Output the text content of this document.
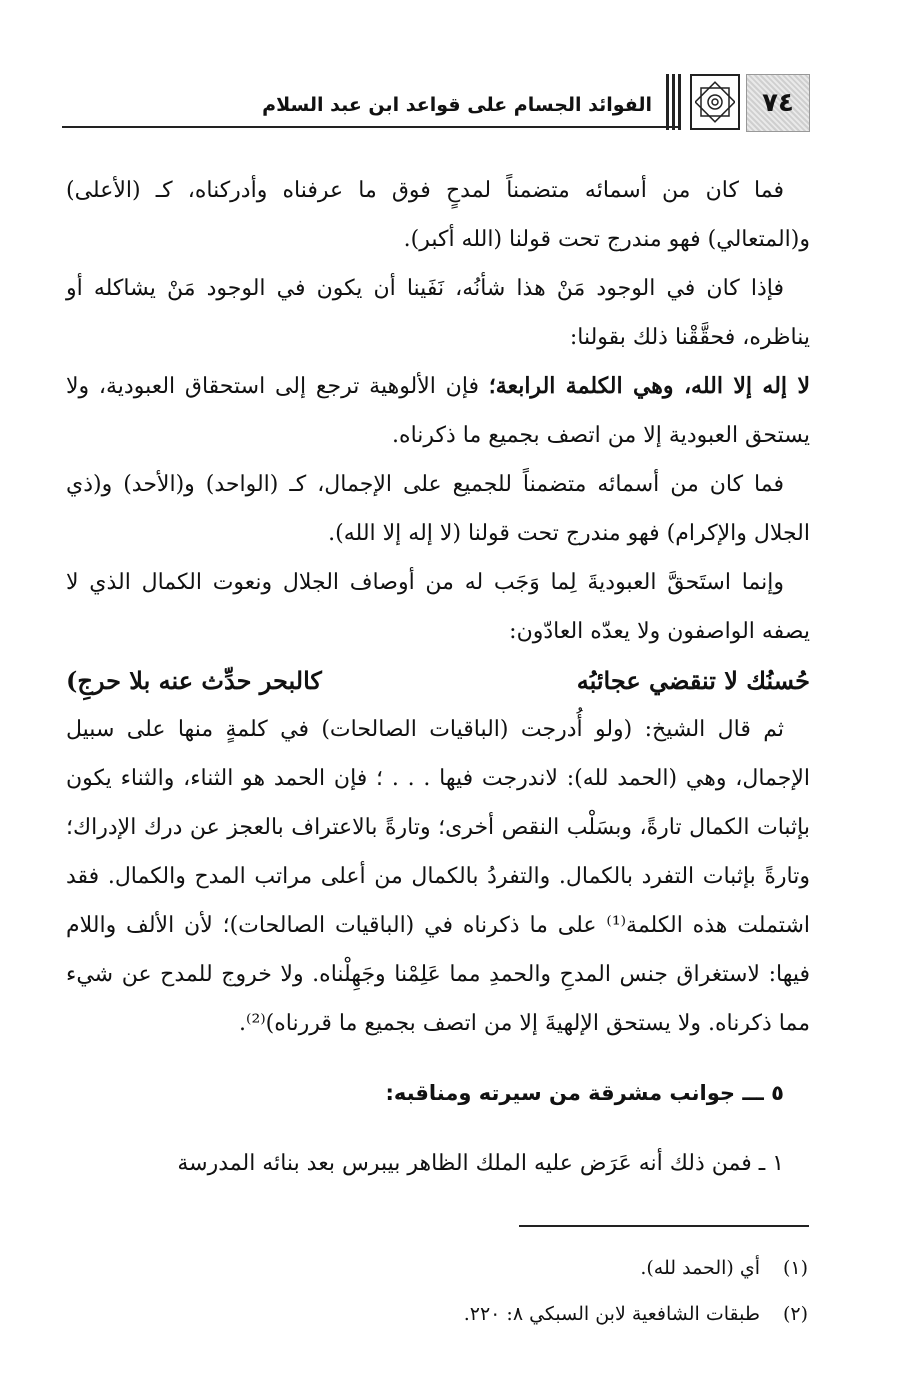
٧٤
الفوائد الجسام على قواعد ابن عبد السلام

فما كان من أسمائه متضمناً لمدحٍ فوق ما عرفناه وأدركناه، كـ (الأعلى) و(المتعالي) فهو مندرج تحت قولنا (الله أكبر).

فإذا كان في الوجود مَنْ هذا شأنُه، نَفَينا أن يكون في الوجود مَنْ يشاكله أو يناظره، فحقَّقْنا ذلك بقولنا:

لا إله إلا الله، وهي الكلمة الرابعة؛ فإن الألوهية ترجع إلى استحقاق العبودية، ولا يستحق العبودية إلا من اتصف بجميع ما ذكرناه.

فما كان من أسمائه متضمناً للجميع على الإجمال، كـ (الواحد) و(الأحد) و(ذي الجلال والإكرام) فهو مندرج تحت قولنا (لا إله إلا الله).

وإنما استَحقَّ العبوديةَ لِما وَجَب له من أوصاف الجلال ونعوت الكمال الذي لا يصفه الواصفون ولا يعدّه العادّون:

حُسنُك لا تنقضي عجائبُه
كالبحر حدِّث عنه بلا حرجِ)

ثم قال الشيخ: (ولو أُدرجت (الباقيات الصالحات) في كلمةٍ منها على سبيل الإجمال، وهي (الحمد لله): لاندرجت فيها . . . ؛ فإن الحمد هو الثناء، والثناء يكون بإثبات الكمال تارةً، وبسَلْب النقص أخرى؛ وتارةً بالاعتراف بالعجز عن درك الإدراك؛ وتارةً بإثبات التفرد بالكمال. والتفردُ بالكمال من أعلى مراتب المدح والكمال. فقد اشتملت هذه الكلمة⁽¹⁾ على ما ذكرناه في (الباقيات الصالحات)؛ لأن الألف واللام فيها: لاستغراق جنس المدحِ والحمدِ مما عَلِمْنا وجَهِلْناه. ولا خروج للمدح عن شيء مما ذكرناه. ولا يستحق الإلهيةَ إلا من اتصف بجميع ما قررناه)⁽²⁾.

٥ ـــ جوانب مشرقة من سيرته ومناقبه:

١ ـ فمن ذلك أنه عَرَض عليه الملك الظاهر بيبرس بعد بنائه المدرسة

(١)
أي (الحمد لله).
(٢)
طبقات الشافعية لابن السبكي ٨: ٢٢٠.
